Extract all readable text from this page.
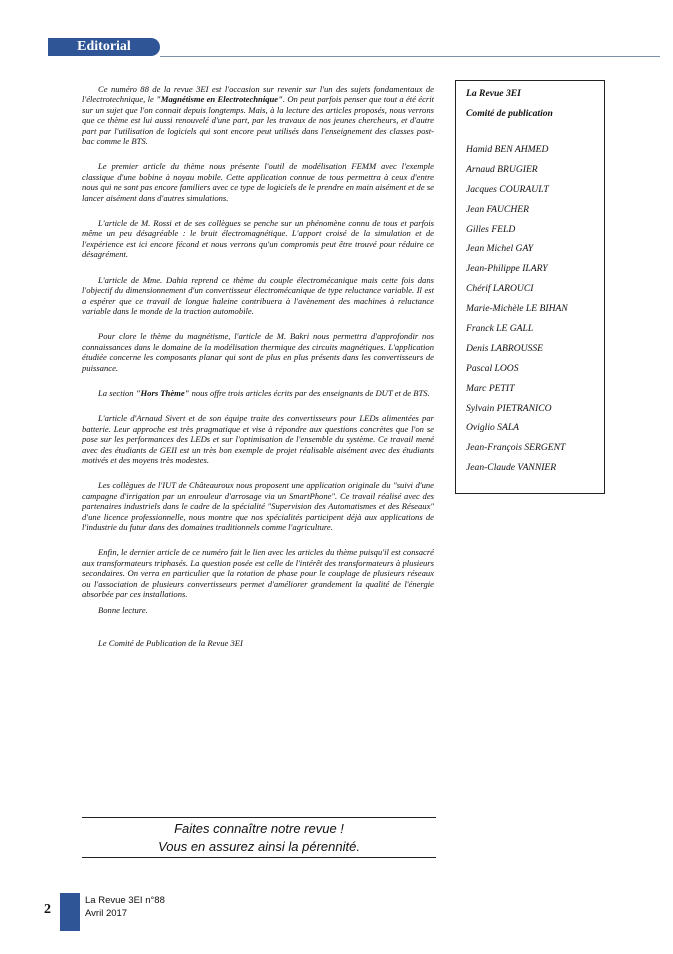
Editorial

Ce numéro 88 de la revue 3EI est l'occasion sur revenir sur l'un des sujets fondamentaux de l'électrotechnique, le "Magnétisme en Electrotechnique". On peut parfois penser que tout a été écrit sur un sujet que l'on connait depuis longtemps. Mais, à la lecture des articles proposés, nous verrons que ce thème est lui aussi renouvelé d'une part, par les travaux de nos jeunes chercheurs, et d'autre part par l'utilisation de logiciels qui sont encore peut utilisés dans l'enseignement des classes post-bac comme le BTS.

Le premier article du thème nous présente l'outil de modélisation FEMM avec l'exemple classique d'une bobine à noyau mobile. Cette application connue de tous permettra à ceux d'entre nous qui ne sont pas encore familiers avec ce type de logiciels de le prendre en main aisément et de se lancer aisément dans d'autres simulations.

L'article de M. Rossi et de ses collègues se penche sur un phénomène connu de tous et parfois même un peu désagréable : le bruit électromagnétique. L'apport croisé de la simulation et de l'expérience est ici encore fécond et nous verrons qu'un compromis peut être trouvé pour réduire ce désagrément.

L'article de Mme. Dahia reprend ce thème du couple électromécanique mais cette fois dans l'objectif du dimensionnement d'un convertisseur électromécanique de type reluctance variable. Il est a espérer que ce travail de longue haleine contribuera à l'avènement des machines à reluctance variable dans le monde de la traction automobile.

Pour clore le thème du magnétisme, l'article de M. Bakri nous permettra d'approfondir nos connaissances dans le domaine de la modélisation thermique des circuits magnétiques. L'application étudiée concerne les composants planar qui sont de plus en plus présents dans les convertisseurs de puissance.

La section "Hors Thème" nous offre trois articles écrits par des enseignants de DUT et de BTS.

L'article d'Arnaud Sivert et de son équipe traite des convertisseurs pour LEDs alimentées par batterie. Leur approche est très pragmatique et vise à répondre aux questions concrètes que l'on se pose sur les performances des LEDs et sur l'optimisation de l'ensemble du système. Ce travail mené avec des étudiants de GEII est un très bon exemple de projet réalisable aisément avec des étudiants motivés et des moyens très modestes.

Les collègues de l'IUT de Châteauroux nous proposent une application originale du "suivi d'une campagne d'irrigation par un enrouleur d'arrosage via un SmartPhone". Ce travail réalisé avec des partenaires industriels dans le cadre de la spécialité "Supervision des Automatismes et des Réseaux" d'une licence professionnelle, nous montre que nos spécialités participent déjà aux applications de l'industrie du futur dans des domaines traditionnels comme l'agriculture.

Enfin, le dernier article de ce numéro fait le lien avec les articles du thème puisqu'il est consacré aux transformateurs triphasés. La question posée est celle de l'intérêt des transformateurs à plusieurs secondaires. On verra en particulier que la rotation de phase pour le couplage de plusieurs réseaux ou l'association de plusieurs convertisseurs permet d'améliorer grandement la qualité de l'énergie absorbée par ces installations.

Bonne lecture.

Le Comité de Publication de la Revue 3EI

La Revue 3EI
Comité de publication
Hamid BEN AHMED
Arnaud BRUGIER
Jacques COURAULT
Jean FAUCHER
Gilles FELD
Jean Michel GAY
Jean-Philippe ILARY
Chérif LAROUCI
Marie-Michèle LE BIHAN
Franck LE GALL
Denis LABROUSSE
Pascal LOOS
Marc PETIT
Sylvain PIETRANICO
Oviglio SALA
Jean-François SERGENT
Jean-Claude VANNIER
Faites connaître notre revue !
Vous en assurez ainsi la pérennité.
2
La Revue 3EI n°88
Avril 2017
